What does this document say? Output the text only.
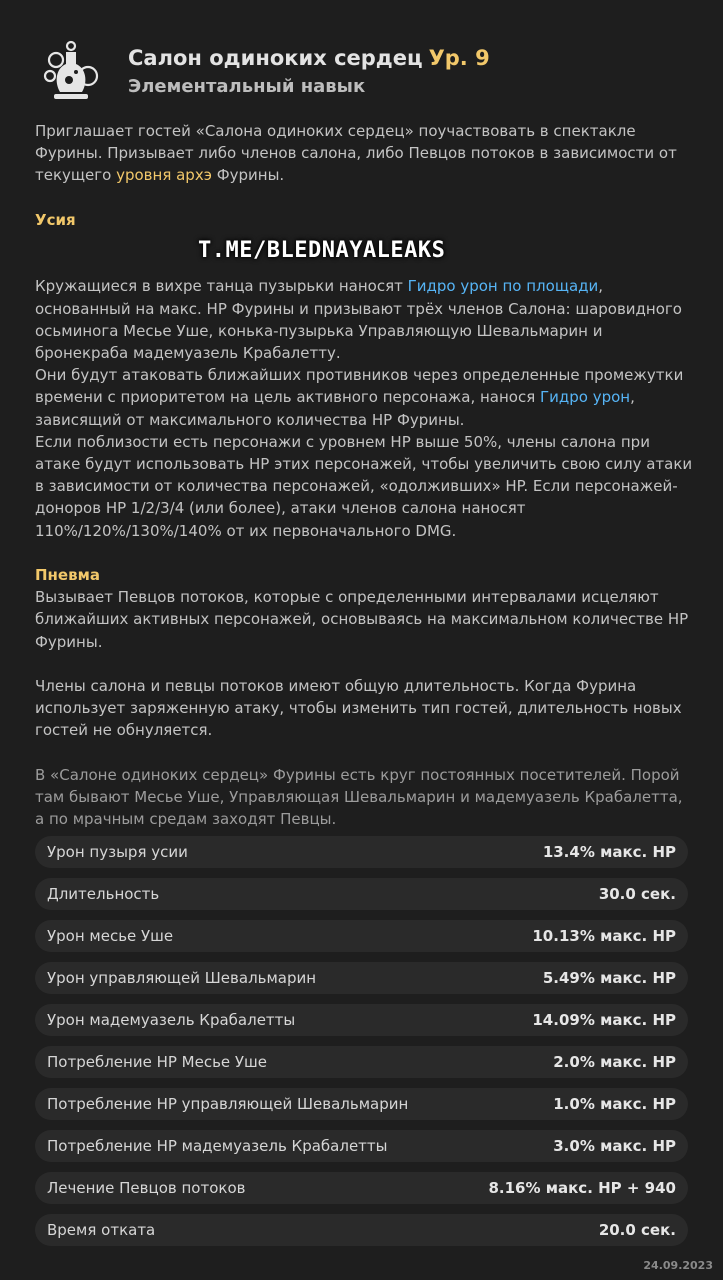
Салон одиноких сердец Ур. 9
Элементальный навык

Приглашает гостей «Салона одиноких сердец» поучаствовать в спектакле Фурины. Призывает либо членов салона, либо Певцов потоков в зависимости от текущего уровня архэ Фурины.

Усия

Кружащиеся в вихре танца пузырьки наносят Гидро урон по площади, основанный на макс. HP Фурины и призывают трёх членов Салона: шаровидного осьминога Месье Уше, конька-пузырька Управляющую Шевальмарин и бронекраба мадемуазель Крабалетту.

Они будут атаковать ближайших противников через определенные промежутки времени с приоритетом на цель активного персонажа, нанося Гидро урон, зависящий от максимального количества HP Фурины.

Если поблизости есть персонажи с уровнем HP выше 50%, члены салона при атаке будут использовать HP этих персонажей, чтобы увеличить свою силу атаки в зависимости от количества персонажей, «одолживших» HP. Если персонажей-доноров HP 1/2/3/4 (или более), атаки членов салона наносят 110%/120%/130%/140% от их первоначального DMG.

Пневма

Вызывает Певцов потоков, которые с определенными интервалами исцеляют ближайших активных персонажей, основываясь на максимальном количестве HP Фурины.

Члены салона и певцы потоков имеют общую длительность. Когда Фурина использует заряженную атаку, чтобы изменить тип гостей, длительность новых гостей не обнуляется.

В «Салоне одиноких сердец» Фурины есть круг постоянных посетителей. Порой там бывают Месье Уше, Управляющая Шевальмарин и мадемуазель Крабалетта, а по мрачным средам заходят Певцы.

T.ME/BLEDNAYALEAKS
Урон пузыря усии	13.4% макс. HP
Длительность	30.0 сек.
Урон месье Уше	10.13% макс. HP
Урон управляющей Шевальмарин	5.49% макс. HP
Урон мадемуазель Крабалетты	14.09% макс. HP
Потребление HP Месье Уше	2.0% макс. HP
Потребление HP управляющей Шевальмарин	1.0% макс. HP
Потребление HP мадемуазель Крабалетты	3.0% макс. HP
Лечение Певцов потоков	8.16% макс. HP + 940
Время отката	20.0 сек.
24.09.2023
